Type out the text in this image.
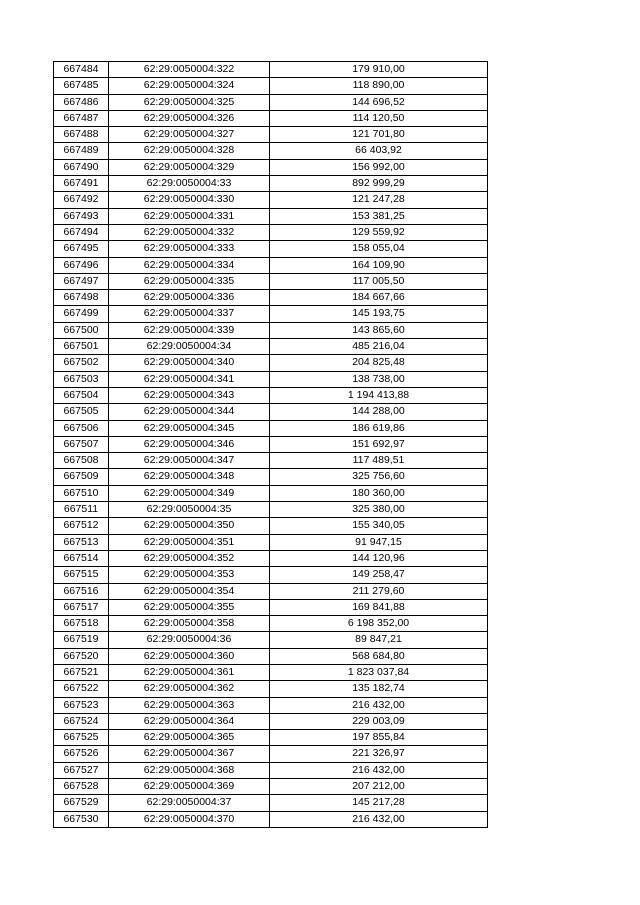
667484	62:29:0050004:322	179 910,00
667485	62:29:0050004:324	118 890,00
667486	62:29:0050004:325	144 696,52
667487	62:29:0050004:326	114 120,50
667488	62:29:0050004:327	121 701,80
667489	62:29:0050004:328	66 403,92
667490	62:29:0050004:329	156 992,00
667491	62:29:0050004:33	892 999,29
667492	62:29:0050004:330	121 247,28
667493	62:29:0050004:331	153 381,25
667494	62:29:0050004:332	129 559,92
667495	62:29:0050004:333	158 055,04
667496	62:29:0050004:334	164 109,90
667497	62:29:0050004:335	117 005,50
667498	62:29:0050004:336	184 667,66
667499	62:29:0050004:337	145 193,75
667500	62:29:0050004:339	143 865,60
667501	62:29:0050004:34	485 216,04
667502	62:29:0050004:340	204 825,48
667503	62:29:0050004:341	138 738,00
667504	62:29:0050004:343	1 194 413,88
667505	62:29:0050004:344	144 288,00
667506	62:29:0050004:345	186 619,86
667507	62:29:0050004:346	151 692,97
667508	62:29:0050004:347	117 489,51
667509	62:29:0050004:348	325 756,60
667510	62:29:0050004:349	180 360,00
667511	62:29:0050004:35	325 380,00
667512	62:29:0050004:350	155 340,05
667513	62:29:0050004:351	91 947,15
667514	62:29:0050004:352	144 120,96
667515	62:29:0050004:353	149 258,47
667516	62:29:0050004:354	211 279,60
667517	62:29:0050004:355	169 841,88
667518	62:29:0050004:358	6 198 352,00
667519	62:29:0050004:36	89 847,21
667520	62:29:0050004:360	568 684,80
667521	62:29:0050004:361	1 823 037,84
667522	62:29:0050004:362	135 182,74
667523	62:29:0050004:363	216 432,00
667524	62:29:0050004:364	229 003,09
667525	62:29:0050004:365	197 855,84
667526	62:29:0050004:367	221 326,97
667527	62:29:0050004:368	216 432,00
667528	62:29:0050004:369	207 212,00
667529	62:29:0050004:37	145 217,28
667530	62:29:0050004:370	216 432,00
